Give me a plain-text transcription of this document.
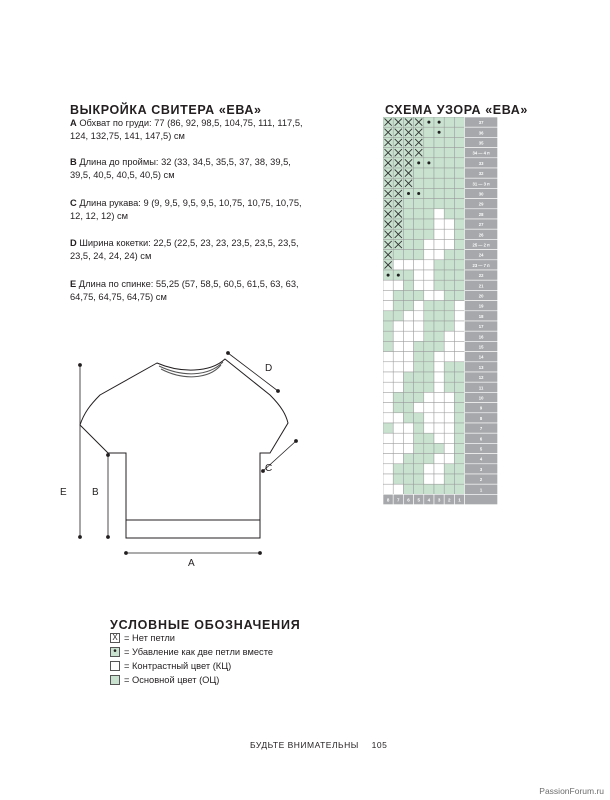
ВЫКРОЙКА СВИТЕРА «ЕВА»
A Обхват по груди: 77 (86, 92, 98,5, 104,75, 111, 117,5, 124, 132,75, 141, 147,5) см
B Длина до проймы: 32 (33, 34,5, 35,5, 37, 38, 39,5, 39,5, 40,5, 40,5, 40,5) см
C Длина рукава: 9 (9, 9,5, 9,5, 9,5, 10,75, 10,75, 10,75, 12, 12, 12) см
D Ширина кокетки: 22,5 (22,5, 23, 23, 23,5, 23,5, 23,5, 23,5, 24, 24, 24) см
E Длина по спинке: 55,25 (57, 58,5, 60,5, 61,5, 63, 63, 64,75, 64,75, 64,75) см
E	B
A
D
C
СХЕМА УЗОРА «ЕВА»
37
36
35
34 — 4 п
33
32
31 — 3 п
30
29
28
27
26
25 — 2 п
24
23 — 7 п
22
21
20
19
18
17
16
15
14
13
12
11
10
9
8
7
6
5
4
3
2
1
8 7 6 5 4 3 2 1
УСЛОВНЫЕ ОБОЗНАЧЕНИЯ
X = Нет петли
• = Убавление как две петли вместе
= Контрастный цвет (КЦ)
= Основной цвет (ОЦ)
БУДЬТЕ ВНИМАТЕЛЬНЫ 105
PassionForum.ru
